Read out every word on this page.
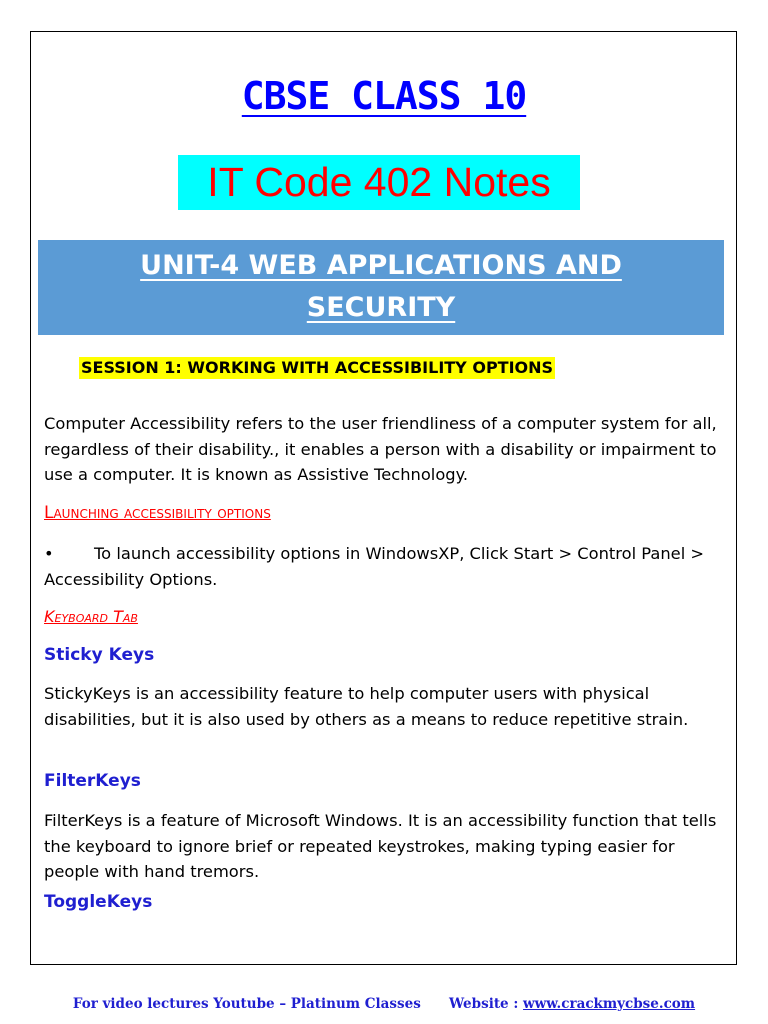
CBSE CLASS 10
IT Code 402 Notes
UNIT-4 WEB APPLICATIONS AND
SECURITY
SESSION 1: WORKING WITH ACCESSIBILITY OPTIONS
Computer Accessibility refers to the user friendliness of a computer system for all, regardless of their disability., it enables a person with a disability or impairment to use a computer. It is known as Assistive Technology.
Launching accessibility options
• To launch accessibility options in WindowsXP, Click Start > Control Panel > Accessibility Options.
Keyboard Tab
Sticky Keys
StickyKeys is an accessibility feature to help computer users with physical disabilities, but it is also used by others as a means to reduce repetitive strain.
FilterKeys
FilterKeys is a feature of Microsoft Windows. It is an accessibility function that tells the keyboard to ignore brief or repeated keystrokes, making typing easier for people with hand tremors.
ToggleKeys
For video lectures Youtube – Platinum Classes Website : www.crackmycbse.com
